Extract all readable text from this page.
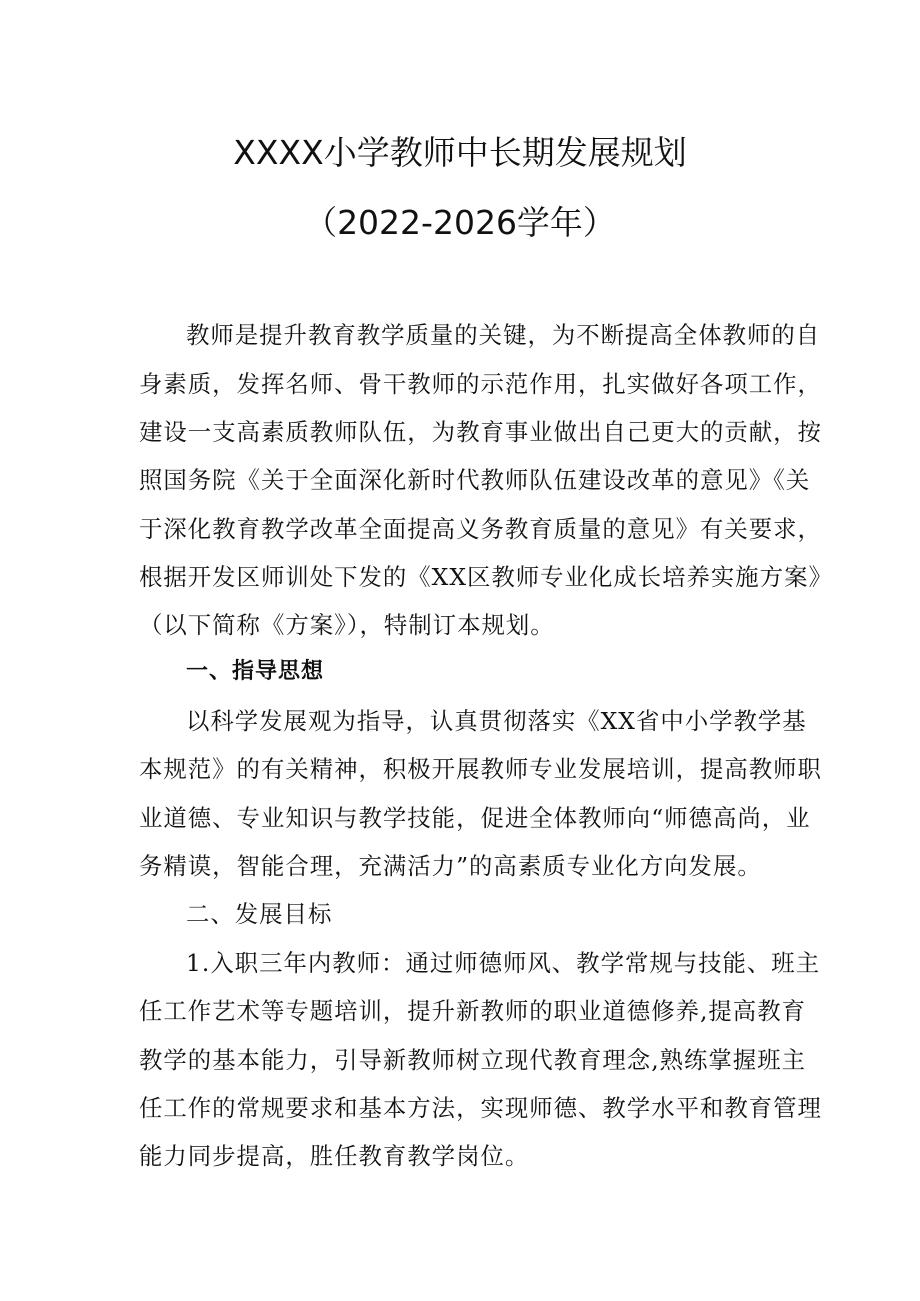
XXXX小学教师中长期发展规划
（2022-2026学年）
教师是提升教育教学质量的关键，为不断提高全体教师的自
身素质，发挥名师、骨干教师的示范作用，扎实做好各项工作，
建设一支高素质教师队伍，为教育事业做出自己更大的贡献，按
照国务院《关于全面深化新时代教师队伍建设改革的意见》《关
于深化教育教学改革全面提高义务教育质量的意见》有关要求，
根据开发区师训处下发的《XX区教师专业化成长培养实施方案》
（以下简称《方案》），特制订本规划。
一、指导思想
以科学发展观为指导，认真贯彻落实《XX省中小学教学基
本规范》的有关精神，积极开展教师专业发展培训，提高教师职
业道德、专业知识与教学技能，促进全体教师向“师德高尚，业
务精谟，智能合理，充满活力”的高素质专业化方向发展。
二、发展目标
1.入职三年内教师：通过师德师风、教学常规与技能、班主
任工作艺术等专题培训，提升新教师的职业道德修养,提高教育
教学的基本能力，引导新教师树立现代教育理念,熟练掌握班主
任工作的常规要求和基本方法，实现师德、教学水平和教育管理
能力同步提高，胜任教育教学岗位。
